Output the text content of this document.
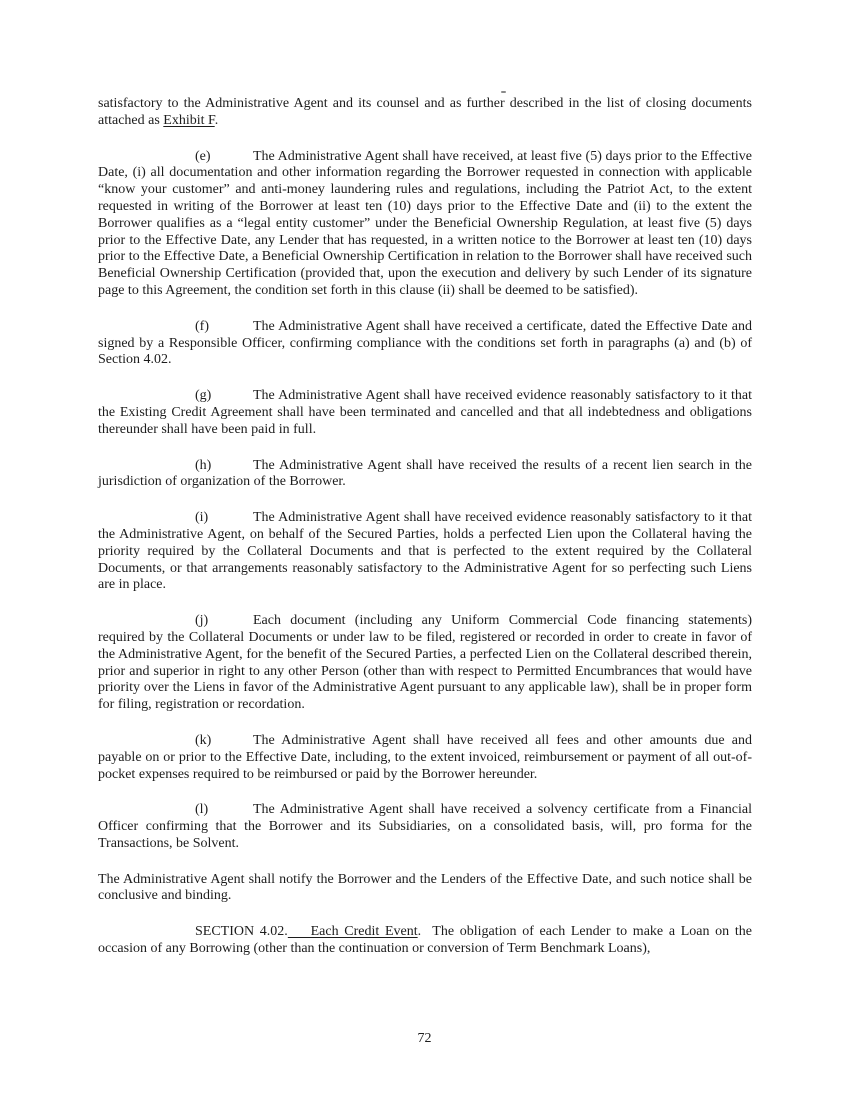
satisfactory to the Administrative Agent and its counsel and as further described in the list of closing documents attached as Exhibit F.

(e)	The Administrative Agent shall have received, at least five (5) days prior to the Effective Date, (i) all documentation and other information regarding the Borrower requested in connection with applicable “know your customer” and anti-money laundering rules and regulations, including the Patriot Act, to the extent requested in writing of the Borrower at least ten (10) days prior to the Effective Date and (ii) to the extent the Borrower qualifies as a “legal entity customer” under the Beneficial Ownership Regulation, at least five (5) days prior to the Effective Date, any Lender that has requested, in a written notice to the Borrower at least ten (10) days prior to the Effective Date, a Beneficial Ownership Certification in relation to the Borrower shall have received such Beneficial Ownership Certification (provided that, upon the execution and delivery by such Lender of its signature page to this Agreement, the condition set forth in this clause (ii) shall be deemed to be satisfied).

(f)	The Administrative Agent shall have received a certificate, dated the Effective Date and signed by a Responsible Officer, confirming compliance with the conditions set forth in paragraphs (a) and (b) of Section 4.02.

(g)	The Administrative Agent shall have received evidence reasonably satisfactory to it that the Existing Credit Agreement shall have been terminated and cancelled and that all indebtedness and obligations thereunder shall have been paid in full.

(h)	The Administrative Agent shall have received the results of a recent lien search in the jurisdiction of organization of the Borrower.

(i)	The Administrative Agent shall have received evidence reasonably satisfactory to it that the Administrative Agent, on behalf of the Secured Parties, holds a perfected Lien upon the Collateral having the priority required by the Collateral Documents and that is perfected to the extent required by the Collateral Documents, or that arrangements reasonably satisfactory to the Administrative Agent for so perfecting such Liens are in place.

(j)	Each document (including any Uniform Commercial Code financing statements) required by the Collateral Documents or under law to be filed, registered or recorded in order to create in favor of the Administrative Agent, for the benefit of the Secured Parties, a perfected Lien on the Collateral described therein, prior and superior in right to any other Person (other than with respect to Permitted Encumbrances that would have priority over the Liens in favor of the Administrative Agent pursuant to any applicable law), shall be in proper form for filing, registration or recordation.

(k)	The Administrative Agent shall have received all fees and other amounts due and payable on or prior to the Effective Date, including, to the extent invoiced, reimbursement or payment of all out-of-pocket expenses required to be reimbursed or paid by the Borrower hereunder.

(l)	The Administrative Agent shall have received a solvency certificate from a Financial Officer confirming that the Borrower and its Subsidiaries, on a consolidated basis, will, pro forma for the Transactions, be Solvent.

The Administrative Agent shall notify the Borrower and the Lenders of the Effective Date, and such notice shall be conclusive and binding.

SECTION 4.02.    Each Credit Event.  The obligation of each Lender to make a Loan on the occasion of any Borrowing (other than the continuation or conversion of Term Benchmark Loans),

72
